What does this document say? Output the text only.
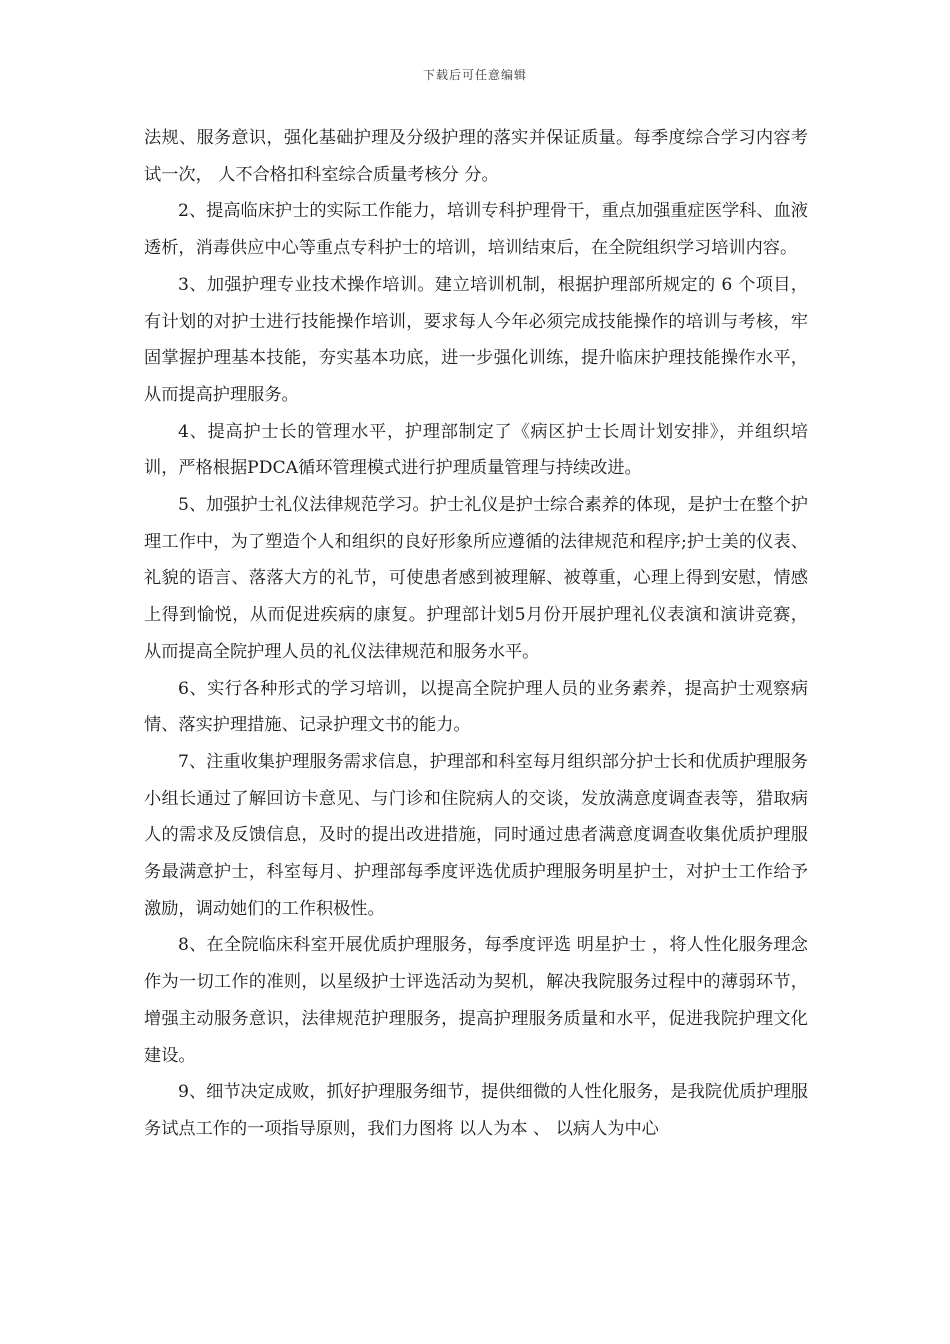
下载后可任意编辑

法规、服务意识，强化基础护理及分级护理的落实并保证质量。每季度综合学习内容考试一次， 人不合格扣科室综合质量考核分 分。

2、提高临床护士的实际工作能力，培训专科护理骨干，重点加强重症医学科、血液透析，消毒供应中心等重点专科护士的培训，培训结束后，在全院组织学习培训内容。

3、加强护理专业技术操作培训。建立培训机制，根据护理部所规定的 6 个项目，有计划的对护士进行技能操作培训，要求每人今年必须完成技能操作的培训与考核，牢固掌握护理基本技能，夯实基本功底，进一步强化训练，提升临床护理技能操作水平，从而提高护理服务。

4、提高护士长的管理水平，护理部制定了《病区护士长周计划安排》，并组织培训，严格根据PDCA循环管理模式进行护理质量管理与持续改进。

5、加强护士礼仪法律规范学习。护士礼仪是护士综合素养的体现，是护士在整个护理工作中，为了塑造个人和组织的良好形象所应遵循的法律规范和程序;护士美的仪表、礼貌的语言、落落大方的礼节，可使患者感到被理解、被尊重，心理上得到安慰，情感上得到愉悦，从而促进疾病的康复。护理部计划5月份开展护理礼仪表演和演讲竞赛，从而提高全院护理人员的礼仪法律规范和服务水平。

6、实行各种形式的学习培训，以提高全院护理人员的业务素养，提高护士观察病情、落实护理措施、记录护理文书的能力。

7、注重收集护理服务需求信息，护理部和科室每月组织部分护士长和优质护理服务小组长通过了解回访卡意见、与门诊和住院病人的交谈，发放满意度调查表等，猎取病人的需求及反馈信息，及时的提出改进措施，同时通过患者满意度调查收集优质护理服务最满意护士，科室每月、护理部每季度评选优质护理服务明星护士，对护士工作给予激励，调动她们的工作积极性。

8、在全院临床科室开展优质护理服务，每季度评选 明星护士 ，将人性化服务理念作为一切工作的准则，以星级护士评选活动为契机，解决我院服务过程中的薄弱环节，增强主动服务意识，法律规范护理服务，提高护理服务质量和水平，促进我院护理文化建设。

9、细节决定成败，抓好护理服务细节，提供细微的人性化服务，是我院优质护理服务试点工作的一项指导原则，我们力图将 以人为本 、 以病人为中心
